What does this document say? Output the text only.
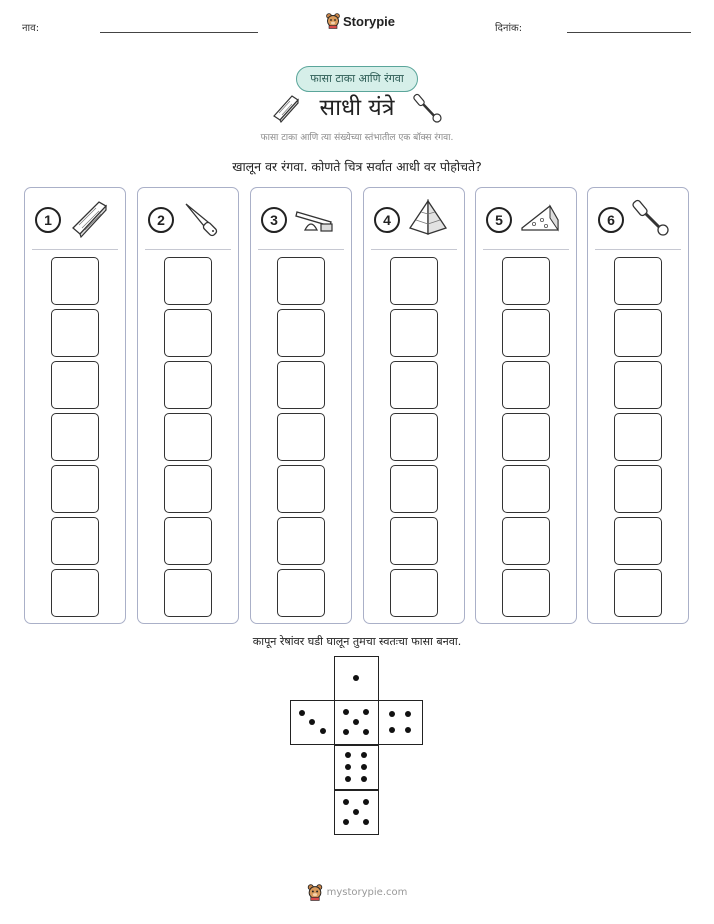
नाव:	Storypie	दिनांक:
फासा टाका आणि रंगवा
साधी यंत्रे
फासा टाका आणि त्या संख्येच्या स्तंभातील एक बॉक्स रंगवा.
खालून वर रंगवा. कोणते चित्र सर्वात आधी वर पोहोचते?
1	2	3	4	5	6
कापून रेषांवर घडी घालून तुमचा स्वतःचा फासा बनवा.
mystorypie.com
